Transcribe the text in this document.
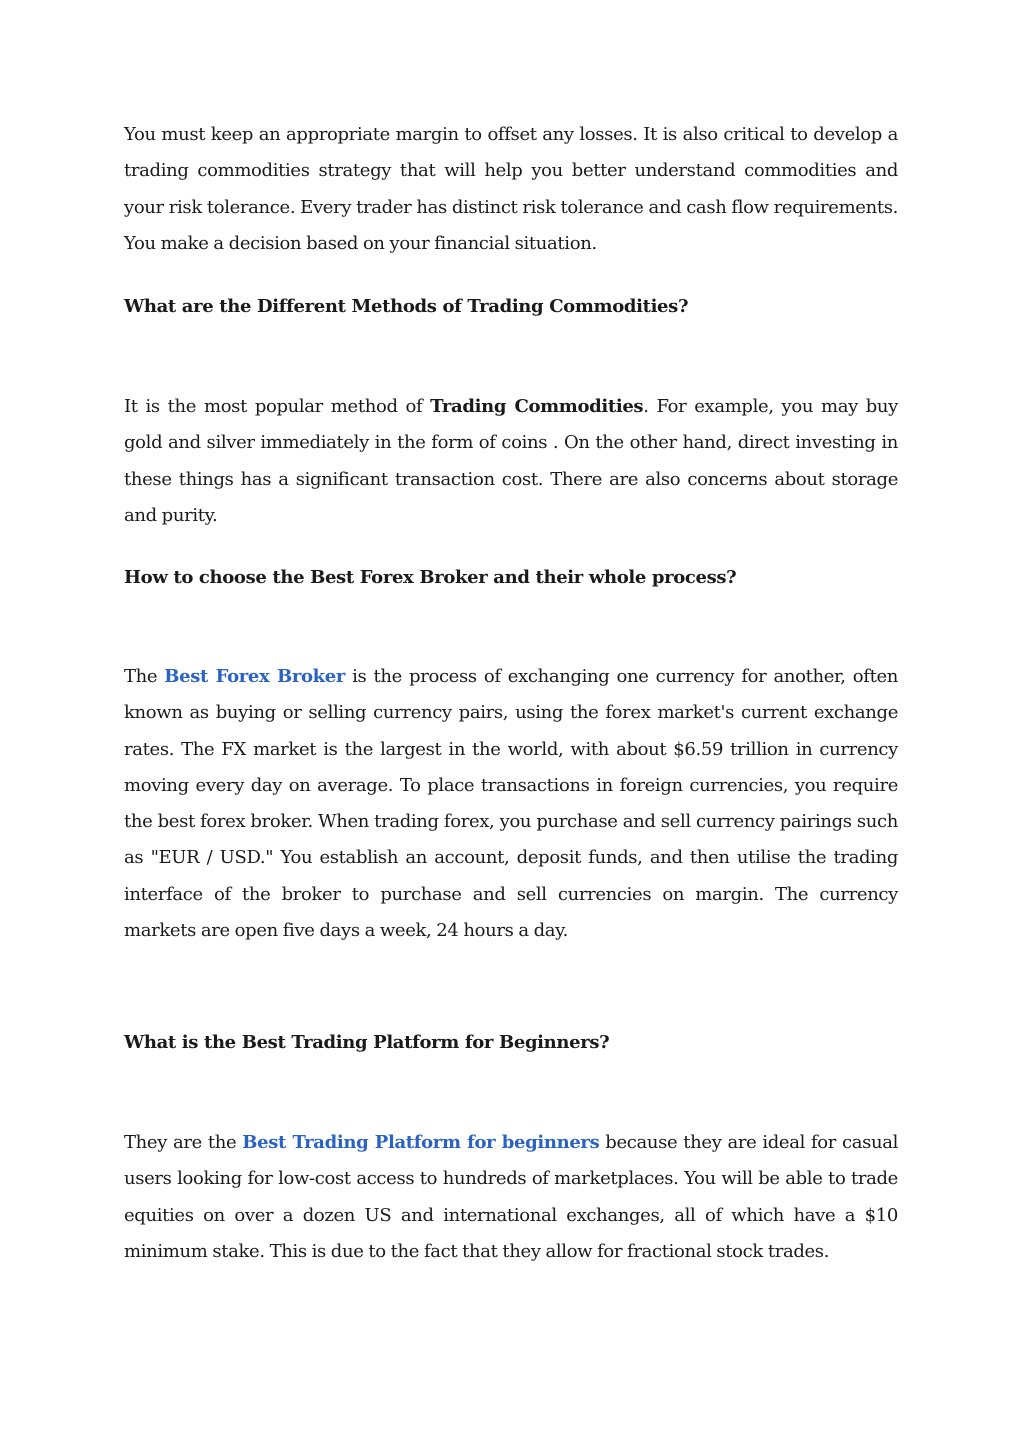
You must keep an appropriate margin to offset any losses. It is also critical to develop a trading commodities strategy that will help you better understand commodities and your risk tolerance. Every trader has distinct risk tolerance and cash flow requirements. You make a decision based on your financial situation.

What are the Different Methods of Trading Commodities?

It is the most popular method of Trading Commodities. For example, you may buy gold and silver immediately in the form of coins . On the other hand, direct investing in these things has a significant transaction cost. There are also concerns about storage and purity.

How to choose the Best Forex Broker and their whole process?

The Best Forex Broker is the process of exchanging one currency for another, often known as buying or selling currency pairs, using the forex market's current exchange rates. The FX market is the largest in the world, with about $6.59 trillion in currency moving every day on average. To place transactions in foreign currencies, you require the best forex broker. When trading forex, you purchase and sell currency pairings such as "EUR / USD." You establish an account, deposit funds, and then utilise the trading interface of the broker to purchase and sell currencies on margin. The currency markets are open five days a week, 24 hours a day.

What is the Best Trading Platform for Beginners?

They are the Best Trading Platform for beginners because they are ideal for casual users looking for low-cost access to hundreds of marketplaces. You will be able to trade equities on over a dozen US and international exchanges, all of which have a $10 minimum stake. This is due to the fact that they allow for fractional stock trades.
